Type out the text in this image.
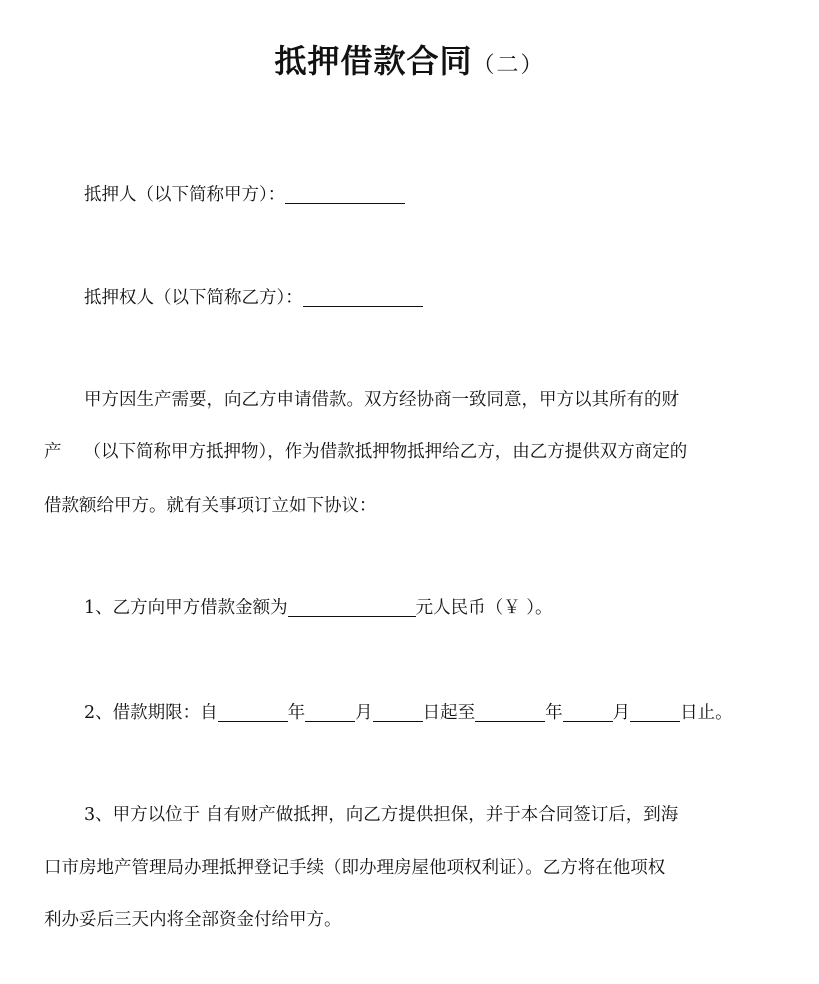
抵押借款合同（二）
抵押人（以下简称甲方）：
抵押权人（以下简称乙方）：
甲方因生产需要，向乙方申请借款。双方经协商一致同意，甲方以其所有的财
产 （以下简称甲方抵押物），作为借款抵押物抵押给乙方，由乙方提供双方商定的
借款额给甲方。就有关事项订立如下协议：
1、乙方向甲方借款金额为	元人民币（￥ ）。
2、借款期限：自	年	月	日起至	年	月	日止。
3、甲方以位于 自有财产做抵押，向乙方提供担保，并于本合同签订后，到海
口市房地产管理局办理抵押登记手续（即办理房屋他项权利证）。乙方将在他项权
利办妥后三天内将全部资金付给甲方。
